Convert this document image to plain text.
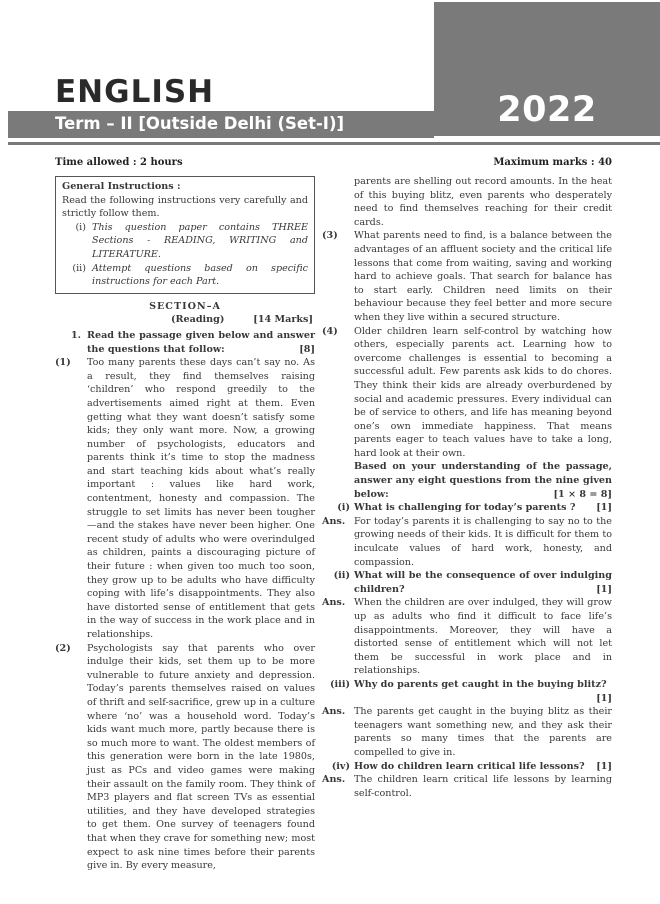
2022
ENGLISH
Term – II [Outside Delhi (Set-I)]
Time allowed : 2 hours	Maximum marks : 40
General Instructions :

Read the following instructions very carefully and strictly follow them.

(i) This question paper contains THREE Sections - READING, WRITING and LITERATURE.
(ii) Attempt questions based on specific instructions for each Part.
SECTION–A
(Reading)	[14 Marks]
1. Read the passage given below and answer the questions that follow:	[8]
(1)	Too many parents these days can’t say no. As a result, they find themselves raising ‘children’ who respond greedily to the advertisements aimed right at them. Even getting what they want doesn’t satisfy some kids; they only want more. Now, a growing number of psychologists, educators and parents think it’s time to stop the madness and start teaching kids about what’s really important : values like hard work, contentment, honesty and compassion. The struggle to set limits has never been tougher—and the stakes have never been higher. One recent study of adults who were overindulged as children, paints a discouraging picture of their future : when given too much too soon, they grow up to be adults who have difficulty coping with life’s disappointments. They also have distorted sense of entitlement that gets in the way of success in the work place and in relationships.
(2)	Psychologists say that parents who over indulge their kids, set them up to be more vulnerable to future anxiety and depression. Today’s parents themselves raised on values of thrift and self-sacrifice, grew up in a culture where ‘no’ was a household word. Today’s kids want much more, partly because there is so much more to want. The oldest members of this generation were born in the late 1980s, just as PCs and video games were making their assault on the family room. They think of MP3 players and flat screen TVs as essential utilities, and they have developed strategies to get them. One survey of teenagers found that when they crave for something new; most expect to ask nine times before their parents give in. By every measure,
parents are shelling out record amounts. In the heat of this buying blitz, even parents who desperately need to find themselves reaching for their credit cards.
(3)	What parents need to find, is a balance between the advantages of an affluent society and the critical life lessons that come from waiting, saving and working hard to achieve goals. That search for balance has to start early. Children need limits on their behaviour because they feel better and more secure when they live within a secured structure.
(4)	Older children learn self-control by watching how others, especially parents act. Learning how to overcome challenges is essential to becoming a successful adult. Few parents ask kids to do chores. They think their kids are already overburdened by social and academic pressures. Every individual can be of service to others, and life has meaning beyond one’s own immediate happiness. That means parents eager to teach values have to take a long, hard look at their own.

Based on your understanding of the passage, answer any eight questions from the nine given below:	[1 × 8 = 8]

(i) What is challenging for today’s parents ? [1]
Ans. For today’s parents it is challenging to say no to the growing needs of their kids. It is difficult for them to inculcate values of hard work, honesty, and compassion.
(ii) What will be the consequence of over indulging children?	[1]
Ans. When the children are over indulged, they will grow up as adults who find it difficult to face life’s disappointments. Moreover, they will have a distorted sense of entitlement which will not let them be successful in work place and in relationships.
(iii) Why do parents get caught in the buying blitz?
[1]
Ans. The parents get caught in the buying blitz as their teenagers want something new, and they ask their parents so many times that the parents are compelled to give in.
(iv) How do children learn critical life lessons? [1]
Ans. The children learn critical life lessons by learning self-control.
